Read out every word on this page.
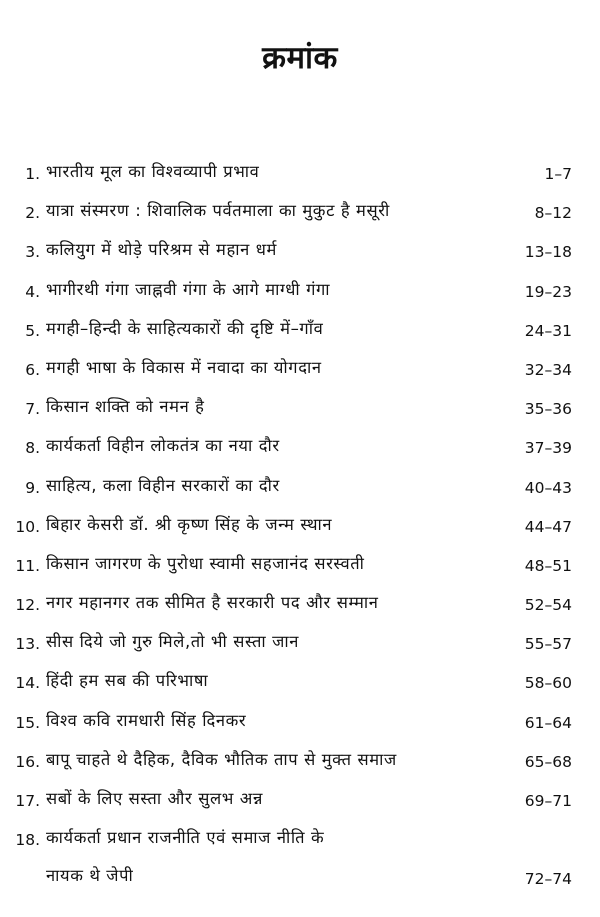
क्रमांक
1. भारतीय मूल का विश्वव्यापी प्रभाव	1–7
2. यात्रा संस्मरण : शिवालिक पर्वतमाला का मुकुट है मसूरी	8–12
3. कलियुग में थोड़े परिश्रम से महान धर्म	13–18
4. भागीरथी गंगा जाह्नवी गंगा के आगे माग्धी गंगा	19–23
5. मगही–हिन्दी के साहित्यकारों की दृष्टि में–गाँव	24–31
6. मगही भाषा के विकास में नवादा का योगदान	32–34
7. किसान शक्ति को नमन है	35–36
8. कार्यकर्ता विहीन लोकतंत्र का नया दौर	37–39
9. साहित्य, कला विहीन सरकारों का दौर	40–43
10. बिहार केसरी डॉ. श्री कृष्ण सिंह के जन्म स्थान	44–47
11. किसान जागरण के पुरोधा स्वामी सहजानंद सरस्वती	48–51
12. नगर महानगर तक सीमित है सरकारी पद और सम्मान	52–54
13. सीस दिये जो गुरु मिले,तो भी सस्ता जान	55–57
14. हिंदी हम सब की परिभाषा	58–60
15. विश्व कवि रामधारी सिंह दिनकर	61–64
16. बापू चाहते थे दैहिक, दैविक भौतिक ताप से मुक्त समाज	65–68
17. सबों के लिए सस्ता और सुलभ अन्न	69–71
18. कार्यकर्ता प्रधान राजनीति एवं समाज नीति के
नायक थे जेपी	72–74
